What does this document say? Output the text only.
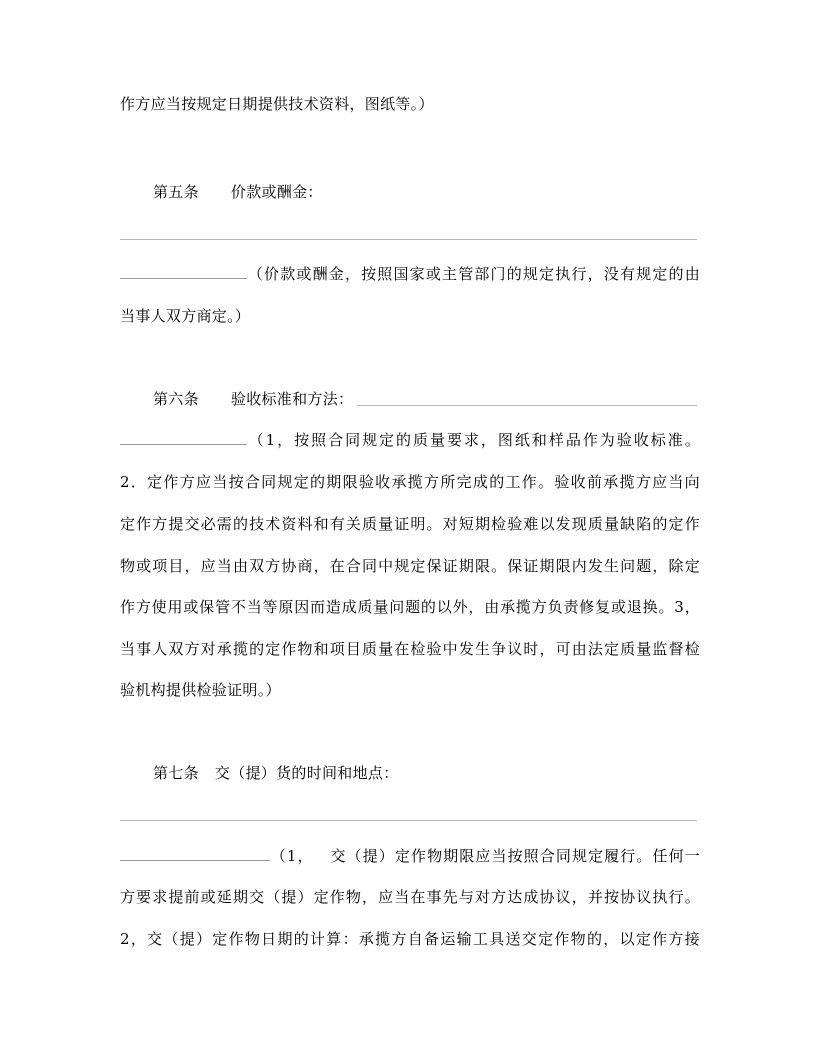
作方应当按规定日期提供技术资料，图纸等。）
第五条 价款或酬金：
（价款或酬金，按照国家或主管部门的规定执行，没有规定的由
当事人双方商定。）
第六条 验收标准和方法：
（1，按照合同规定的质量要求，图纸和样品作为验收标准。
2．定作方应当按合同规定的期限验收承揽方所完成的工作。验收前承揽方应当向
定作方提交必需的技术资料和有关质量证明。对短期检验难以发现质量缺陷的定作
物或项目，应当由双方协商，在合同中规定保证期限。保证期限内发生问题，除定
作方使用或保管不当等原因而造成质量问题的以外，由承揽方负责修复或退换。3，
当事人双方对承揽的定作物和项目质量在检验中发生争议时，可由法定质量监督检
验机构提供检验证明。）
第七条 交（提）货的时间和地点：
（1， 交（提）定作物期限应当按照合同规定履行。任何一
方要求提前或延期交（提）定作物，应当在事先与对方达成协议，并按协议执行。
2，交（提）定作物日期的计算：承揽方自备运输工具送交定作物的，以定作方接
